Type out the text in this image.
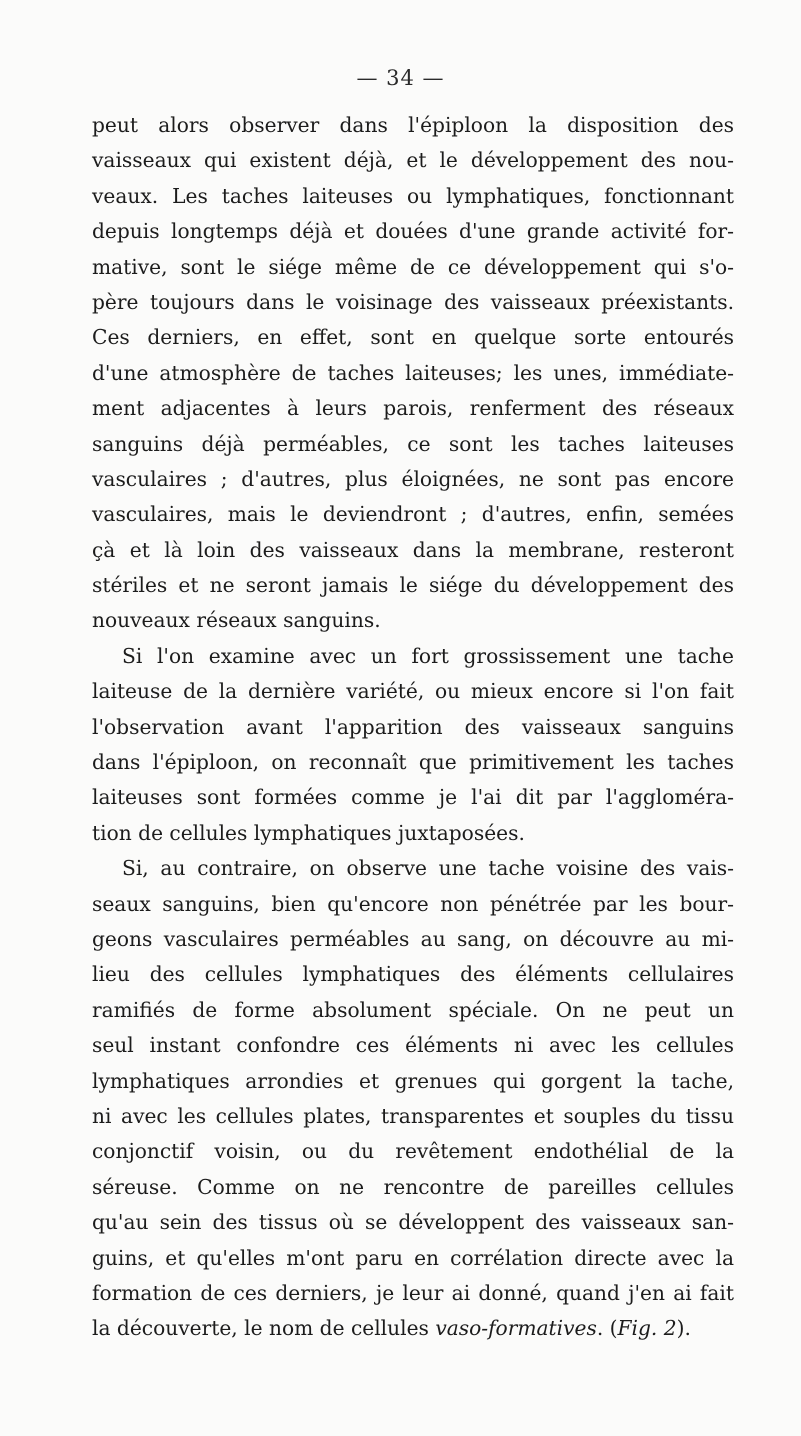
— 34 —
peut alors observer dans l'épiploon la disposition des
vaisseaux qui existent déjà, et le développement des nou-
veaux. Les taches laiteuses ou lymphatiques, fonctionnant
depuis longtemps déjà et douées d'une grande activité for-
mative, sont le siége même de ce développement qui s'o-
père toujours dans le voisinage des vaisseaux préexistants.
Ces derniers, en effet, sont en quelque sorte entourés
d'une atmosphère de taches laiteuses; les unes, immédiate-
ment adjacentes à leurs parois, renferment des réseaux
sanguins déjà perméables, ce sont les taches laiteuses
vasculaires ; d'autres, plus éloignées, ne sont pas encore
vasculaires, mais le deviendront ; d'autres, enfin, semées
çà et là loin des vaisseaux dans la membrane, resteront
stériles et ne seront jamais le siége du développement des
nouveaux réseaux sanguins.
Si l'on examine avec un fort grossissement une tache
laiteuse de la dernière variété, ou mieux encore si l'on fait
l'observation avant l'apparition des vaisseaux sanguins
dans l'épiploon, on reconnaît que primitivement les taches
laiteuses sont formées comme je l'ai dit par l'aggloméra-
tion de cellules lymphatiques juxtaposées.
Si, au contraire, on observe une tache voisine des vais-
seaux sanguins, bien qu'encore non pénétrée par les bour-
geons vasculaires perméables au sang, on découvre au mi-
lieu des cellules lymphatiques des éléments cellulaires
ramifiés de forme absolument spéciale. On ne peut un
seul instant confondre ces éléments ni avec les cellules
lymphatiques arrondies et grenues qui gorgent la tache,
ni avec les cellules plates, transparentes et souples du tissu
conjonctif voisin, ou du revêtement endothélial de la
séreuse. Comme on ne rencontre de pareilles cellules
qu'au sein des tissus où se développent des vaisseaux san-
guins, et qu'elles m'ont paru en corrélation directe avec la
formation de ces derniers, je leur ai donné, quand j'en ai fait
la découverte, le nom de cellules vaso-formatives. (Fig. 2).
